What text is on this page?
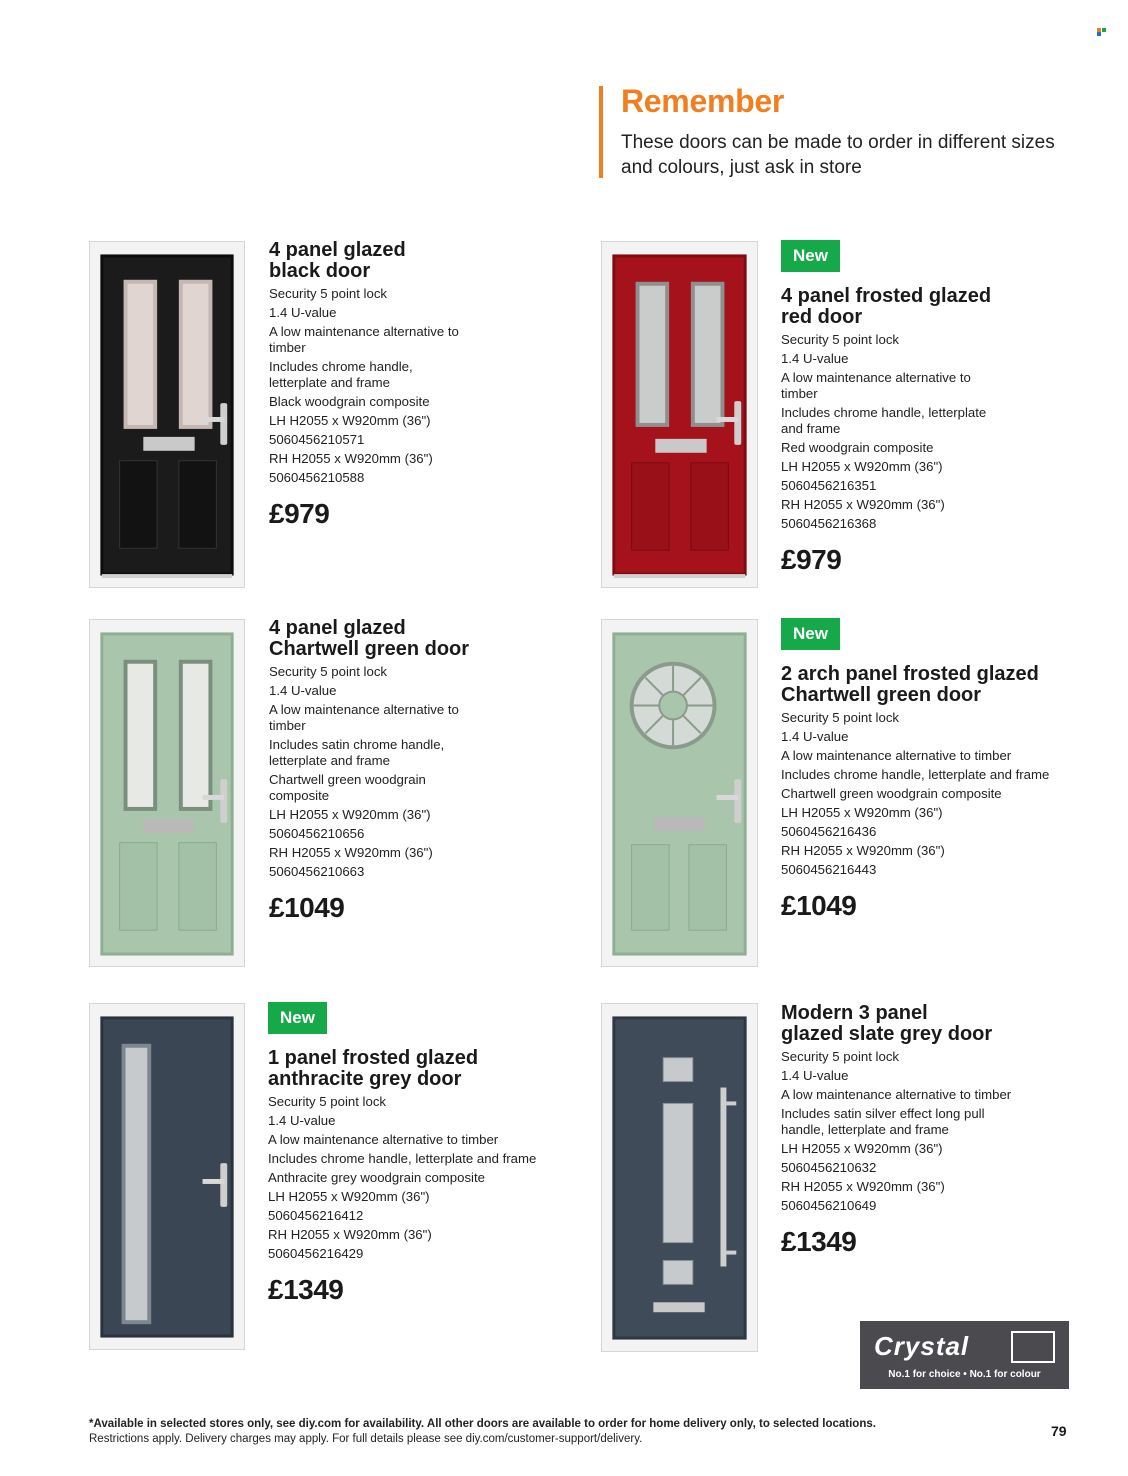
Remember

These doors can be made to order in different sizes and colours, just ask in store

4 panel glazed
black door
Security 5 point lock
1.4 U-value
A low maintenance alternative to timber
Includes chrome handle, letterplate and frame
Black woodgrain composite
LH H2055 x W920mm (36")
5060456210571
RH H2055 x W920mm (36")
5060456210588
£979
New
4 panel frosted glazed
red door
Security 5 point lock
1.4 U-value
A low maintenance alternative to timber
Includes chrome handle, letterplate and frame
Red woodgrain composite
LH H2055 x W920mm (36")
5060456216351
RH H2055 x W920mm (36")
5060456216368
£979
4 panel glazed
Chartwell green door
Security 5 point lock
1.4 U-value
A low maintenance alternative to timber
Includes satin chrome handle, letterplate and frame
Chartwell green woodgrain composite
LH H2055 x W920mm (36")
5060456210656
RH H2055 x W920mm (36")
5060456210663
£1049
New
2 arch panel frosted glazed
Chartwell green door
Security 5 point lock
1.4 U-value
A low maintenance alternative to timber
Includes chrome handle, letterplate and frame
Chartwell green woodgrain composite
LH H2055 x W920mm (36")
5060456216436
RH H2055 x W920mm (36")
5060456216443
£1049
New
1 panel frosted glazed
anthracite grey door
Security 5 point lock
1.4 U-value
A low maintenance alternative to timber
Includes chrome handle, letterplate and frame
Anthracite grey woodgrain composite
LH H2055 x W920mm (36")
5060456216412
RH H2055 x W920mm (36")
5060456216429
£1349
Modern 3 panel
glazed slate grey door
Security 5 point lock
1.4 U-value
A low maintenance alternative to timber
Includes satin silver effect long pull handle, letterplate and frame
LH H2055 x W920mm (36")
5060456210632
RH H2055 x W920mm (36")
5060456210649
£1349
Crystal
No.1 for choice • No.1 for colour
*Available in selected stores only, see diy.com for availability. All other doors are available to order for home delivery only, to selected locations.
Restrictions apply. Delivery charges may apply. For full details please see diy.com/customer-support/delivery.	79
